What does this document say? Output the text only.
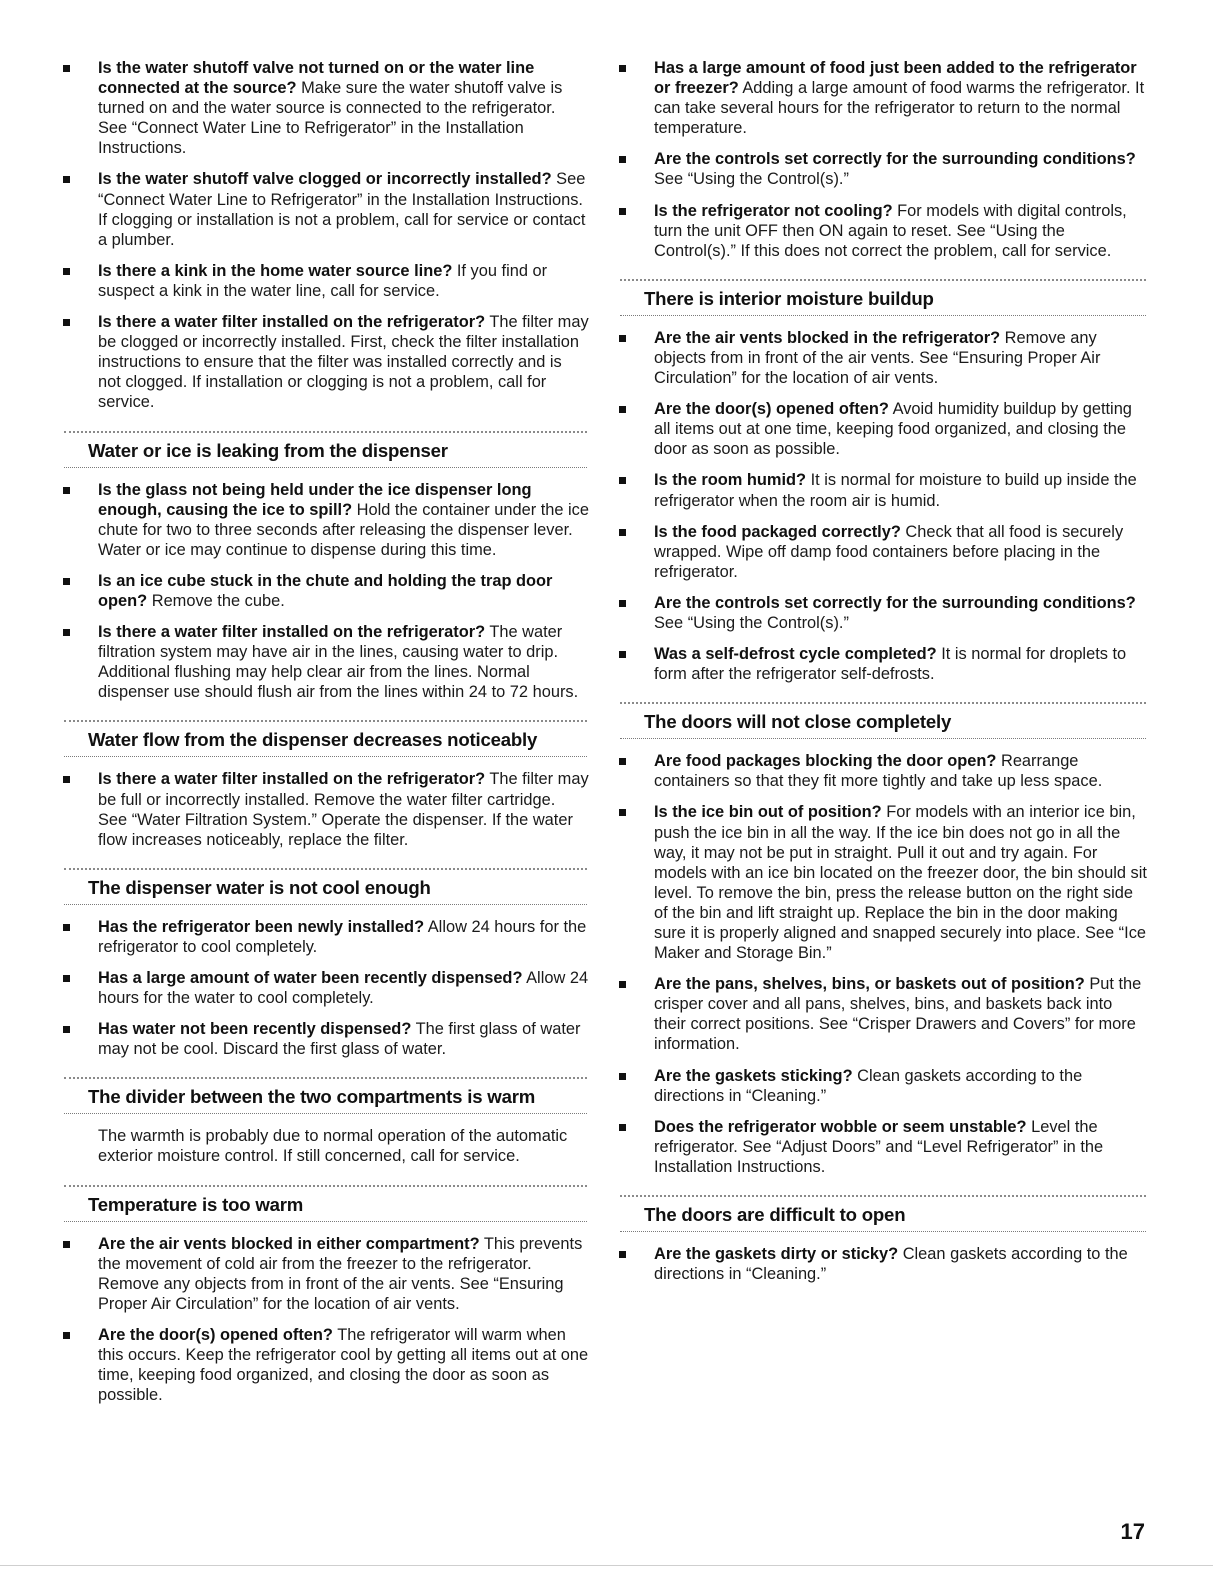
Is the water shutoff valve not turned on or the water line connected at the source? Make sure the water shutoff valve is turned on and the water source is connected to the refrigerator. See “Connect Water Line to Refrigerator” in the Installation Instructions.
Is the water shutoff valve clogged or incorrectly installed? See “Connect Water Line to Refrigerator” in the Installation Instructions. If clogging or installation is not a problem, call for service or contact a plumber.
Is there a kink in the home water source line? If you find or suspect a kink in the water line, call for service.
Is there a water filter installed on the refrigerator? The filter may be clogged or incorrectly installed. First, check the filter installation instructions to ensure that the filter was installed correctly and is not clogged. If installation or clogging is not a problem, call for service.
Water or ice is leaking from the dispenser
Is the glass not being held under the ice dispenser long enough, causing the ice to spill? Hold the container under the ice chute for two to three seconds after releasing the dispenser lever. Water or ice may continue to dispense during this time.
Is an ice cube stuck in the chute and holding the trap door open? Remove the cube.
Is there a water filter installed on the refrigerator? The water filtration system may have air in the lines, causing water to drip. Additional flushing may help clear air from the lines. Normal dispenser use should flush air from the lines within 24 to 72 hours.
Water flow from the dispenser decreases noticeably
Is there a water filter installed on the refrigerator? The filter may be full or incorrectly installed. Remove the water filter cartridge. See “Water Filtration System.” Operate the dispenser. If the water flow increases noticeably, replace the filter.
The dispenser water is not cool enough
Has the refrigerator been newly installed? Allow 24 hours for the refrigerator to cool completely.
Has a large amount of water been recently dispensed? Allow 24 hours for the water to cool completely.
Has water not been recently dispensed? The first glass of water may not be cool. Discard the first glass of water.
The divider between the two compartments is warm
The warmth is probably due to normal operation of the automatic exterior moisture control. If still concerned, call for service.
Temperature is too warm
Are the air vents blocked in either compartment? This prevents the movement of cold air from the freezer to the refrigerator. Remove any objects from in front of the air vents. See “Ensuring Proper Air Circulation” for the location of air vents.
Are the door(s) opened often? The refrigerator will warm when this occurs. Keep the refrigerator cool by getting all items out at one time, keeping food organized, and closing the door as soon as possible.
Has a large amount of food just been added to the refrigerator or freezer? Adding a large amount of food warms the refrigerator. It can take several hours for the refrigerator to return to the normal temperature.
Are the controls set correctly for the surrounding conditions? See “Using the Control(s).”
Is the refrigerator not cooling? For models with digital controls, turn the unit OFF then ON again to reset. See “Using the Control(s).” If this does not correct the problem, call for service.
There is interior moisture buildup
Are the air vents blocked in the refrigerator? Remove any objects from in front of the air vents. See “Ensuring Proper Air Circulation” for the location of air vents.
Are the door(s) opened often? Avoid humidity buildup by getting all items out at one time, keeping food organized, and closing the door as soon as possible.
Is the room humid? It is normal for moisture to build up inside the refrigerator when the room air is humid.
Is the food packaged correctly? Check that all food is securely wrapped. Wipe off damp food containers before placing in the refrigerator.
Are the controls set correctly for the surrounding conditions? See “Using the Control(s).”
Was a self-defrost cycle completed? It is normal for droplets to form after the refrigerator self-defrosts.
The doors will not close completely
Are food packages blocking the door open? Rearrange containers so that they fit more tightly and take up less space.
Is the ice bin out of position? For models with an interior ice bin, push the ice bin in all the way. If the ice bin does not go in all the way, it may not be put in straight. Pull it out and try again. For models with an ice bin located on the freezer door, the bin should sit level. To remove the bin, press the release button on the right side of the bin and lift straight up. Replace the bin in the door making sure it is properly aligned and snapped securely into place. See “Ice Maker and Storage Bin.”
Are the pans, shelves, bins, or baskets out of position? Put the crisper cover and all pans, shelves, bins, and baskets back into their correct positions. See “Crisper Drawers and Covers” for more information.
Are the gaskets sticking? Clean gaskets according to the directions in “Cleaning.”
Does the refrigerator wobble or seem unstable? Level the refrigerator. See “Adjust Doors” and “Level Refrigerator” in the Installation Instructions.
The doors are difficult to open
Are the gaskets dirty or sticky? Clean gaskets according to the directions in “Cleaning.”
17
